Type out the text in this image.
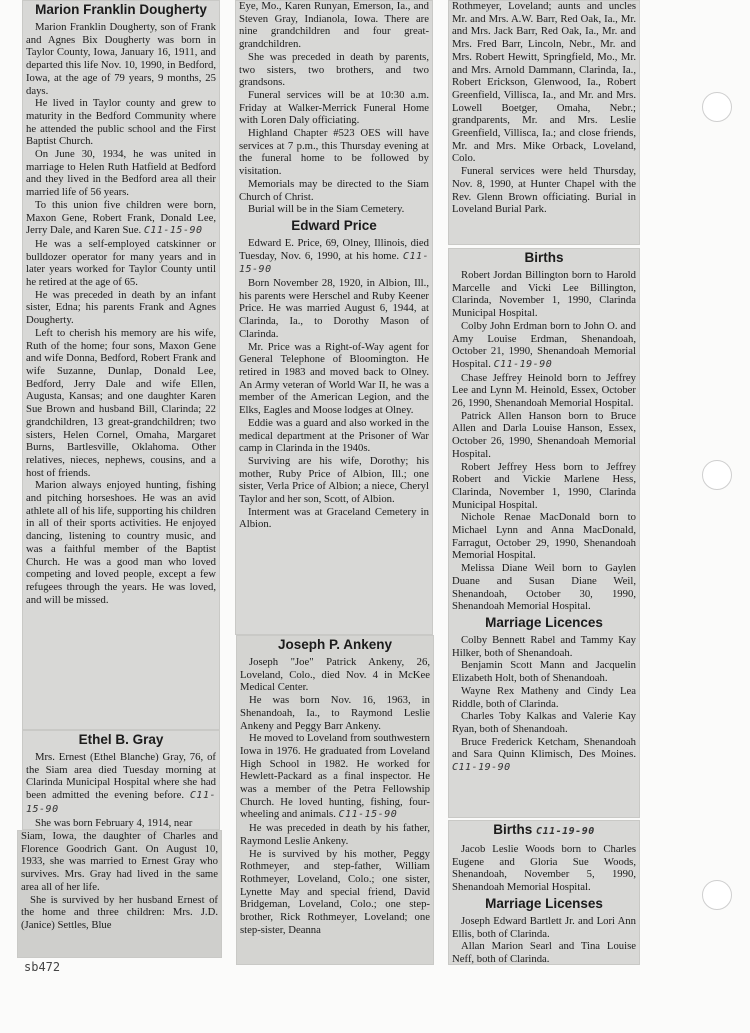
Marion Franklin Dougherty

Marion Franklin Dougherty, son of Frank and Agnes Bix Dougherty was born in Taylor County, Iowa, January 16, 1911, and departed this life Nov. 10, 1990, in Bedford, Iowa, at the age of 79 years, 9 months, 25 days.

He lived in Taylor county and grew to maturity in the Bedford Community where he attended the public school and the First Baptist Church.

On June 30, 1934, he was united in marriage to Helen Ruth Hatfield at Bedford and they lived in the Bedford area all their married life of 56 years.

To this union five children were born, Maxon Gene, Robert Frank, Donald Lee, Jerry Dale, and Karen Sue. C11-15-90

He was a self-employed catskinner or bulldozer operator for many years and in later years worked for Taylor County until he retired at the age of 65.

He was preceded in death by an infant sister, Edna; his parents Frank and Agnes Dougherty.

Left to cherish his memory are his wife, Ruth of the home; four sons, Maxon Gene and wife Donna, Bedford, Robert Frank and wife Suzanne, Dunlap, Donald Lee, Bedford, Jerry Dale and wife Ellen, Augusta, Kansas; and one daughter Karen Sue Brown and husband Bill, Clarinda; 22 grandchildren, 13 great-grandchildren; two sisters, Helen Cornel, Omaha, Margaret Burns, Bartlesville, Oklahoma. Other relatives, nieces, nephews, cousins, and a host of friends.

Marion always enjoyed hunting, fishing and pitching horseshoes. He was an avid athlete all of his life, supporting his children in all of their sports activities. He enjoyed dancing, listening to country music, and was a faithful member of the Baptist Church. He was a good man who loved competing and loved people, except a few refugees through the years. He was loved, and will be missed.

Ethel B. Gray

Mrs. Ernest (Ethel Blanche) Gray, 76, of the Siam area died Tuesday morning at Clarinda Municipal Hospital where she had been admitted the evening before. C11-15-90

She was born February 4, 1914, near

Siam, Iowa, the daughter of Charles and Florence Goodrich Gant. On August 10, 1933, she was married to Ernest Gray who survives. Mrs. Gray had lived in the same area all of her life.

She is survived by her husband Ernest of the home and three children: Mrs. J.D. (Janice) Settles, Blue

Eye, Mo., Karen Runyan, Emerson, Ia., and Steven Gray, Indianola, Iowa. There are nine grandchildren and four great-grandchildren.

She was preceded in death by parents, two sisters, two brothers, and two grandsons.

Funeral services will be at 10:30 a.m. Friday at Walker-Merrick Funeral Home with Loren Daly officiating.

Highland Chapter #523 OES will have services at 7 p.m., this Thursday evening at the funeral home to be followed by visitation.

Memorials may be directed to the Siam Church of Christ.

Burial will be in the Siam Cemetery.

Edward Price

Edward E. Price, 69, Olney, Illinois, died Tuesday, Nov. 6, 1990, at his home. C11-15-90

Born November 28, 1920, in Albion, Ill., his parents were Herschel and Ruby Keener Price. He was married August 6, 1944, at Clarinda, Ia., to Dorothy Mason of Clarinda.

Mr. Price was a Right-of-Way agent for General Telephone of Bloomington. He retired in 1983 and moved back to Olney. An Army veteran of World War II, he was a member of the American Legion, and the Elks, Eagles and Moose lodges at Olney.

Eddie was a guard and also worked in the medical department at the Prisoner of War camp in Clarinda in the 1940s.

Surviving are his wife, Dorothy; his mother, Ruby Price of Albion, Ill.; one sister, Verla Price of Albion; a niece, Cheryl Taylor and her son, Scott, of Albion.

Interment was at Graceland Cemetery in Albion.

Joseph P. Ankeny

Joseph "Joe" Patrick Ankeny, 26, Loveland, Colo., died Nov. 4 in McKee Medical Center.

He was born Nov. 16, 1963, in Shenandoah, Ia., to Raymond Leslie Ankeny and Peggy Barr Ankeny.

He moved to Loveland from southwestern Iowa in 1976. He graduated from Loveland High School in 1982. He worked for Hewlett-Packard as a final inspector. He was a member of the Petra Fellowship Church. He loved hunting, fishing, four-wheeling and animals. C11-15-90

He was preceded in death by his father, Raymond Leslie Ankeny.

He is survived by his mother, Peggy Rothmeyer, and step-father, William Rothmeyer, Loveland, Colo.; one sister, Lynette May and special friend, David Bridgeman, Loveland, Colo.; one step-brother, Rick Rothmeyer, Loveland; one step-sister, Deanna

Rothmeyer, Loveland; aunts and uncles Mr. and Mrs. A.W. Barr, Red Oak, Ia., Mr. and Mrs. Jack Barr, Red Oak, Ia., Mr. and Mrs. Fred Barr, Lincoln, Nebr., Mr. and Mrs. Robert Hewitt, Springfield, Mo., Mr. and Mrs. Arnold Dammann, Clarinda, Ia., Robert Erickson, Glenwood, Ia., Robert Greenfield, Villisca, Ia., and Mr. and Mrs. Lowell Boetger, Omaha, Nebr.; grandparents, Mr. and Mrs. Leslie Greenfield, Villisca, Ia.; and close friends, Mr. and Mrs. Mike Orback, Loveland, Colo.

Funeral services were held Thursday, Nov. 8, 1990, at Hunter Chapel with the Rev. Glenn Brown officiating. Burial in Loveland Burial Park.

Births

Robert Jordan Billington born to Harold Marcelle and Vicki Lee Billington, Clarinda, November 1, 1990, Clarinda Municipal Hospital.

Colby John Erdman born to John O. and Amy Louise Erdman, Shenandoah, October 21, 1990, Shenandoah Memorial Hospital. C11-19-90

Chase Jeffrey Heinold born to Jeffrey Lee and Lynn M. Heinold, Essex, October 26, 1990, Shenandoah Memorial Hospital.

Patrick Allen Hanson born to Bruce Allen and Darla Louise Hanson, Essex, October 26, 1990, Shenandoah Memorial Hospital.

Robert Jeffrey Hess born to Jeffrey Robert and Vickie Marlene Hess, Clarinda, November 1, 1990, Clarinda Municipal Hospital.

Nichole Renae MacDonald born to Michael Lynn and Anna MacDonald, Farragut, October 29, 1990, Shenandoah Memorial Hospital.

Melissa Diane Weil born to Gaylen Duane and Susan Diane Weil, Shenandoah, October 30, 1990, Shenandoah Memorial Hospital.

Marriage Licences

Colby Bennett Rabel and Tammy Kay Hilker, both of Shenandoah.

Benjamin Scott Mann and Jacquelin Elizabeth Holt, both of Shenandoah.

Wayne Rex Matheny and Cindy Lea Riddle, both of Clarinda.

Charles Toby Kalkas and Valerie Kay Ryan, both of Shenandoah.

Bruce Frederick Ketcham, Shenandoah and Sara Quinn Klimisch, Des Moines. C11-19-90

Births C11-19-90

Jacob Leslie Woods born to Charles Eugene and Gloria Sue Woods, Shenandoah, November 5, 1990, Shenandoah Memorial Hospital.

Marriage Licenses

Joseph Edward Bartlett Jr. and Lori Ann Ellis, both of Clarinda.

Allan Marion Searl and Tina Louise Neff, both of Clarinda.

sb472
